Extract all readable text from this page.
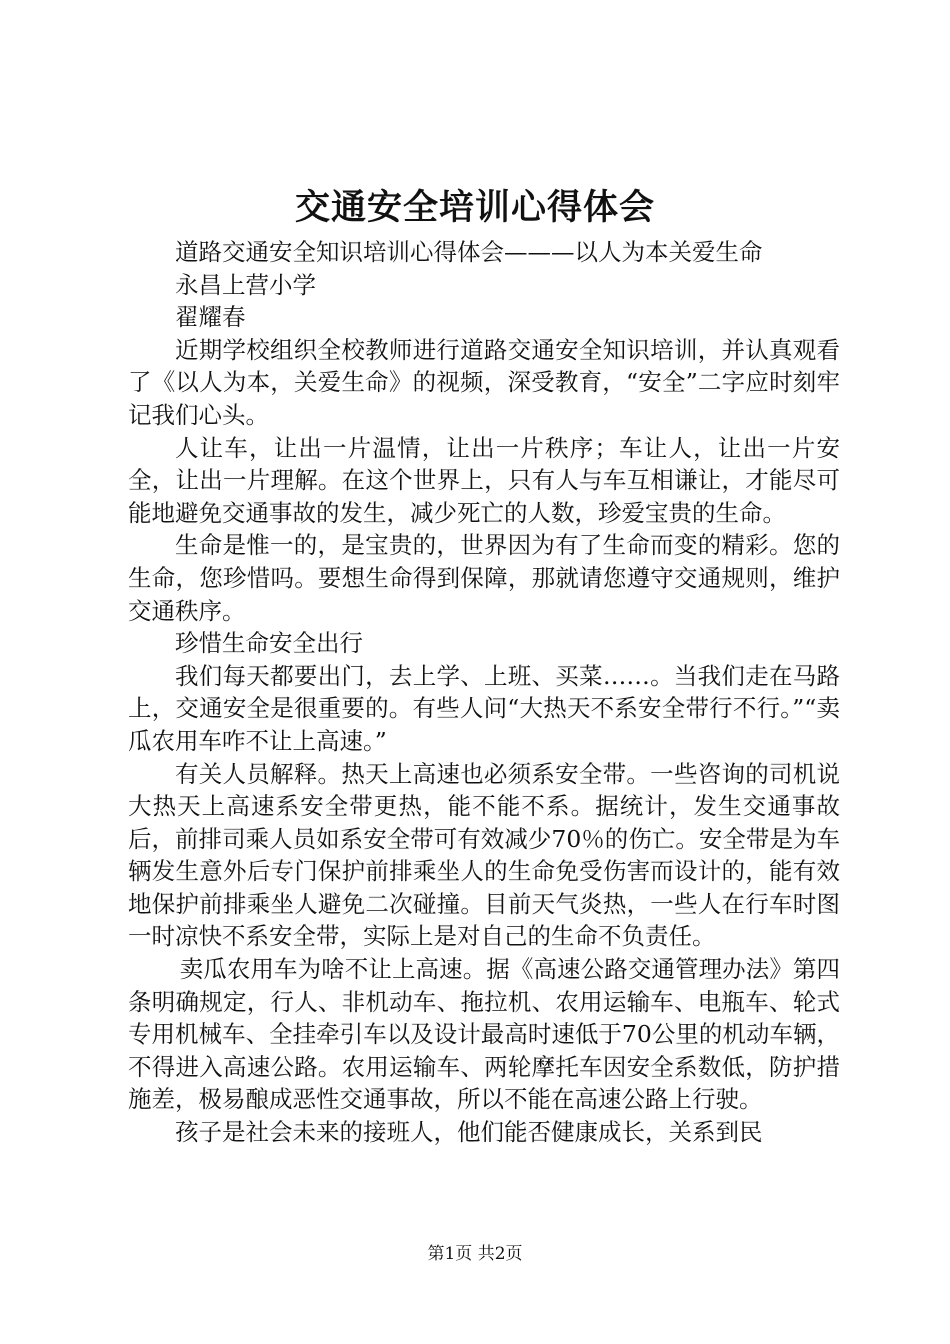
交通安全培训心得体会

道路交通安全知识培训心得体会———以人为本关爱生命

永昌上营小学

翟耀春

近期学校组织全校教师进行道路交通安全知识培训，并认真观看了《以人为本，关爱生命》的视频，深受教育，“安全”二字应时刻牢记我们心头。

人让车，让出一片温情，让出一片秩序；车让人，让出一片安全，让出一片理解。在这个世界上，只有人与车互相谦让，才能尽可能地避免交通事故的发生，减少死亡的人数，珍爱宝贵的生命。

生命是惟一的，是宝贵的，世界因为有了生命而变的精彩。您的生命，您珍惜吗。要想生命得到保障，那就请您遵守交通规则，维护交通秩序。

珍惜生命安全出行

我们每天都要出门，去上学、上班、买菜……。当我们走在马路上，交通安全是很重要的。有些人问“大热天不系安全带行不行。”“卖瓜农用车咋不让上高速。”

有关人员解释。热天上高速也必须系安全带。一些咨询的司机说大热天上高速系安全带更热，能不能不系。据统计，发生交通事故后，前排司乘人员如系安全带可有效减少70％的伤亡。安全带是为车辆发生意外后专门保护前排乘坐人的生命免受伤害而设计的，能有效地保护前排乘坐人避免二次碰撞。目前天气炎热，一些人在行车时图一时凉快不系安全带，实际上是对自己的生命不负责任。

卖瓜农用车为啥不让上高速。据《高速公路交通管理办法》第四条明确规定，行人、非机动车、拖拉机、农用运输车、电瓶车、轮式专用机械车、全挂牵引车以及设计最高时速低于70公里的机动车辆，不得进入高速公路。农用运输车、两轮摩托车因安全系数低，防护措施差，极易酿成恶性交通事故，所以不能在高速公路上行驶。

孩子是社会未来的接班人，他们能否健康成长，关系到民

第1页 共2页
